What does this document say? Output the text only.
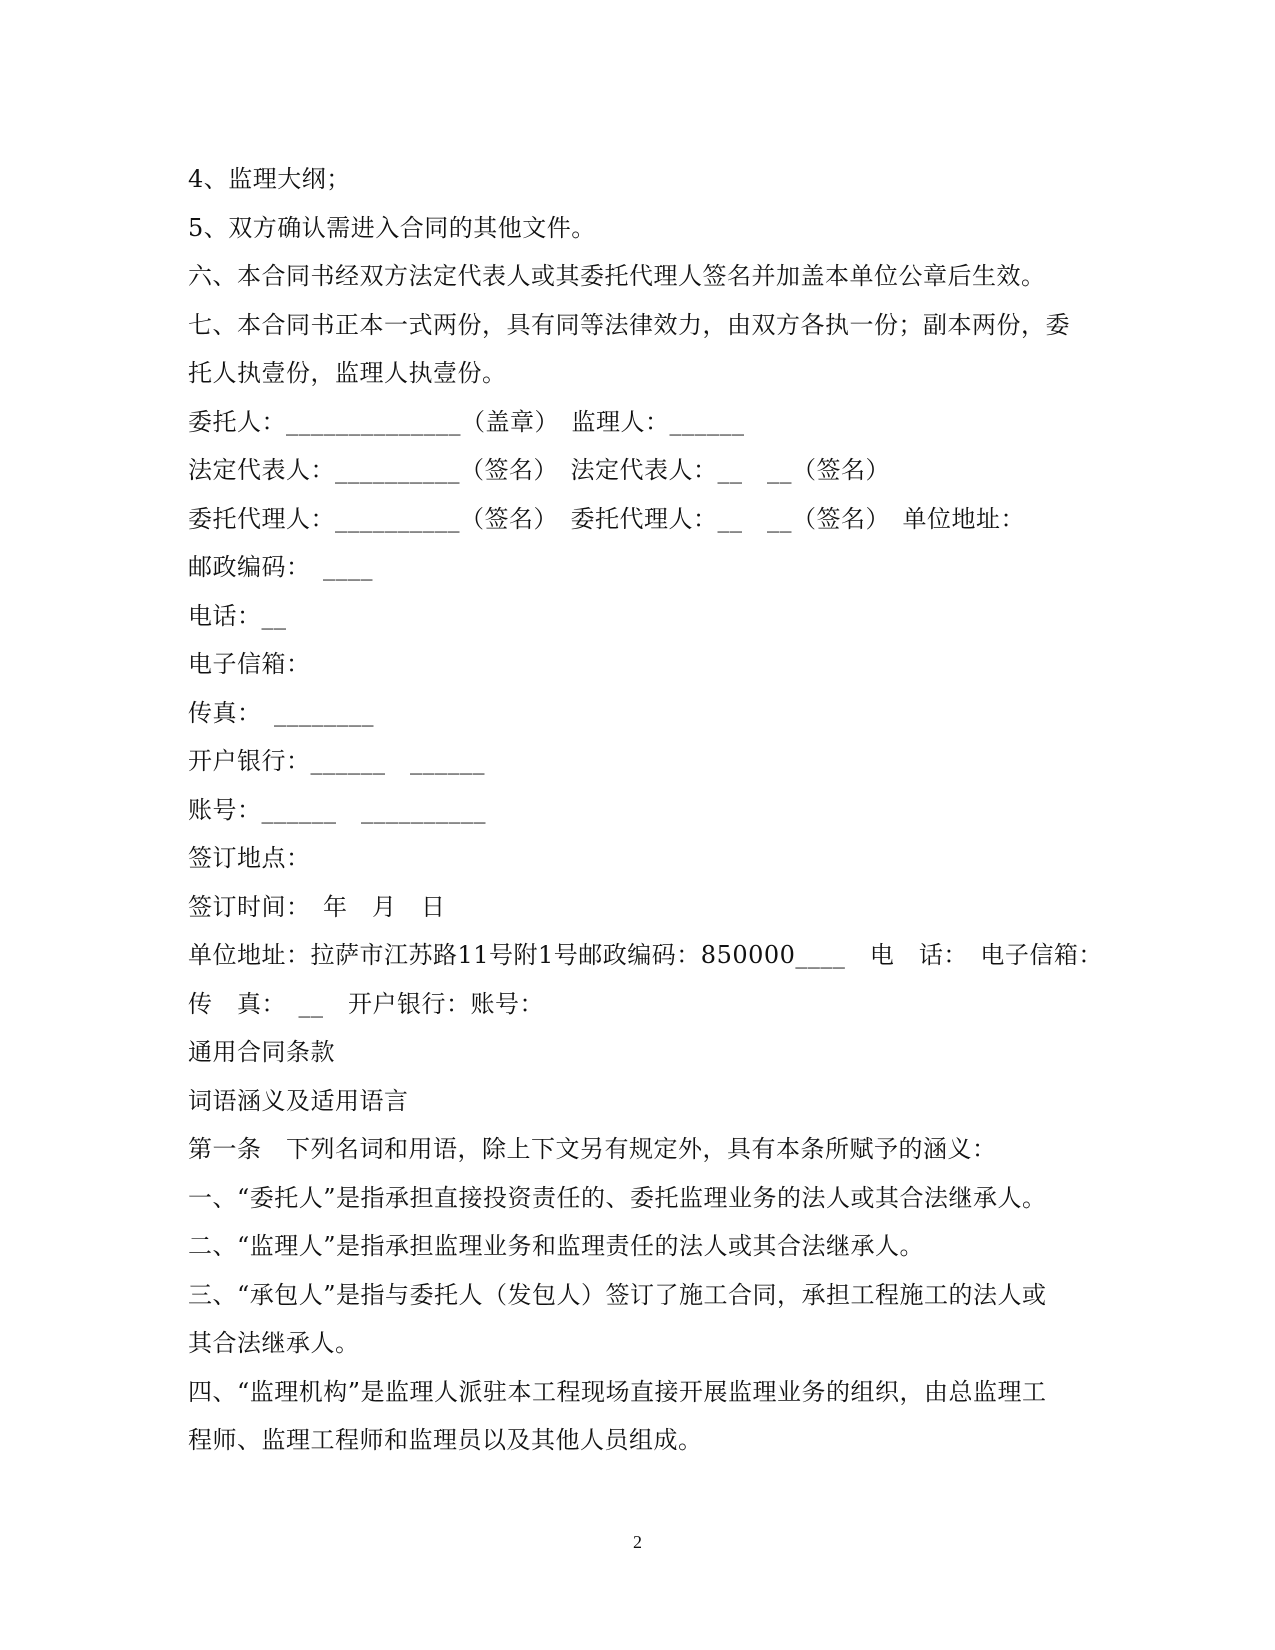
4、监理大纲；
5、双方确认需进入合同的其他文件。
六、本合同书经双方法定代表人或其委托代理人签名并加盖本单位公章后生效。
七、本合同书正本一式两份，具有同等法律效力，由双方各执一份；副本两份，委
托人执壹份，监理人执壹份。
委托人：______________（盖章）　监理人：______
法定代表人：__________（签名）　法定代表人：__　__（签名）
委托代理人：__________（签名）　委托代理人：__　__（签名）　单位地址：
邮政编码：　____
电话：__
电子信箱：
传真：　________
开户银行：______　______
账号：______　__________
签订地点：
签订时间：　年　月　日
单位地址：拉萨市江苏路11号附1号邮政编码：850000____　电　话：　电子信箱：
传　真：　__　开户银行：账号：
通用合同条款
词语涵义及适用语言
第一条　下列名词和用语，除上下文另有规定外，具有本条所赋予的涵义：
一、“委托人”是指承担直接投资责任的、委托监理业务的法人或其合法继承人。
二、“监理人”是指承担监理业务和监理责任的法人或其合法继承人。
三、“承包人”是指与委托人（发包人）签订了施工合同，承担工程施工的法人或
其合法继承人。
四、“监理机构”是监理人派驻本工程现场直接开展监理业务的组织，由总监理工
程师、监理工程师和监理员以及其他人员组成。
2
